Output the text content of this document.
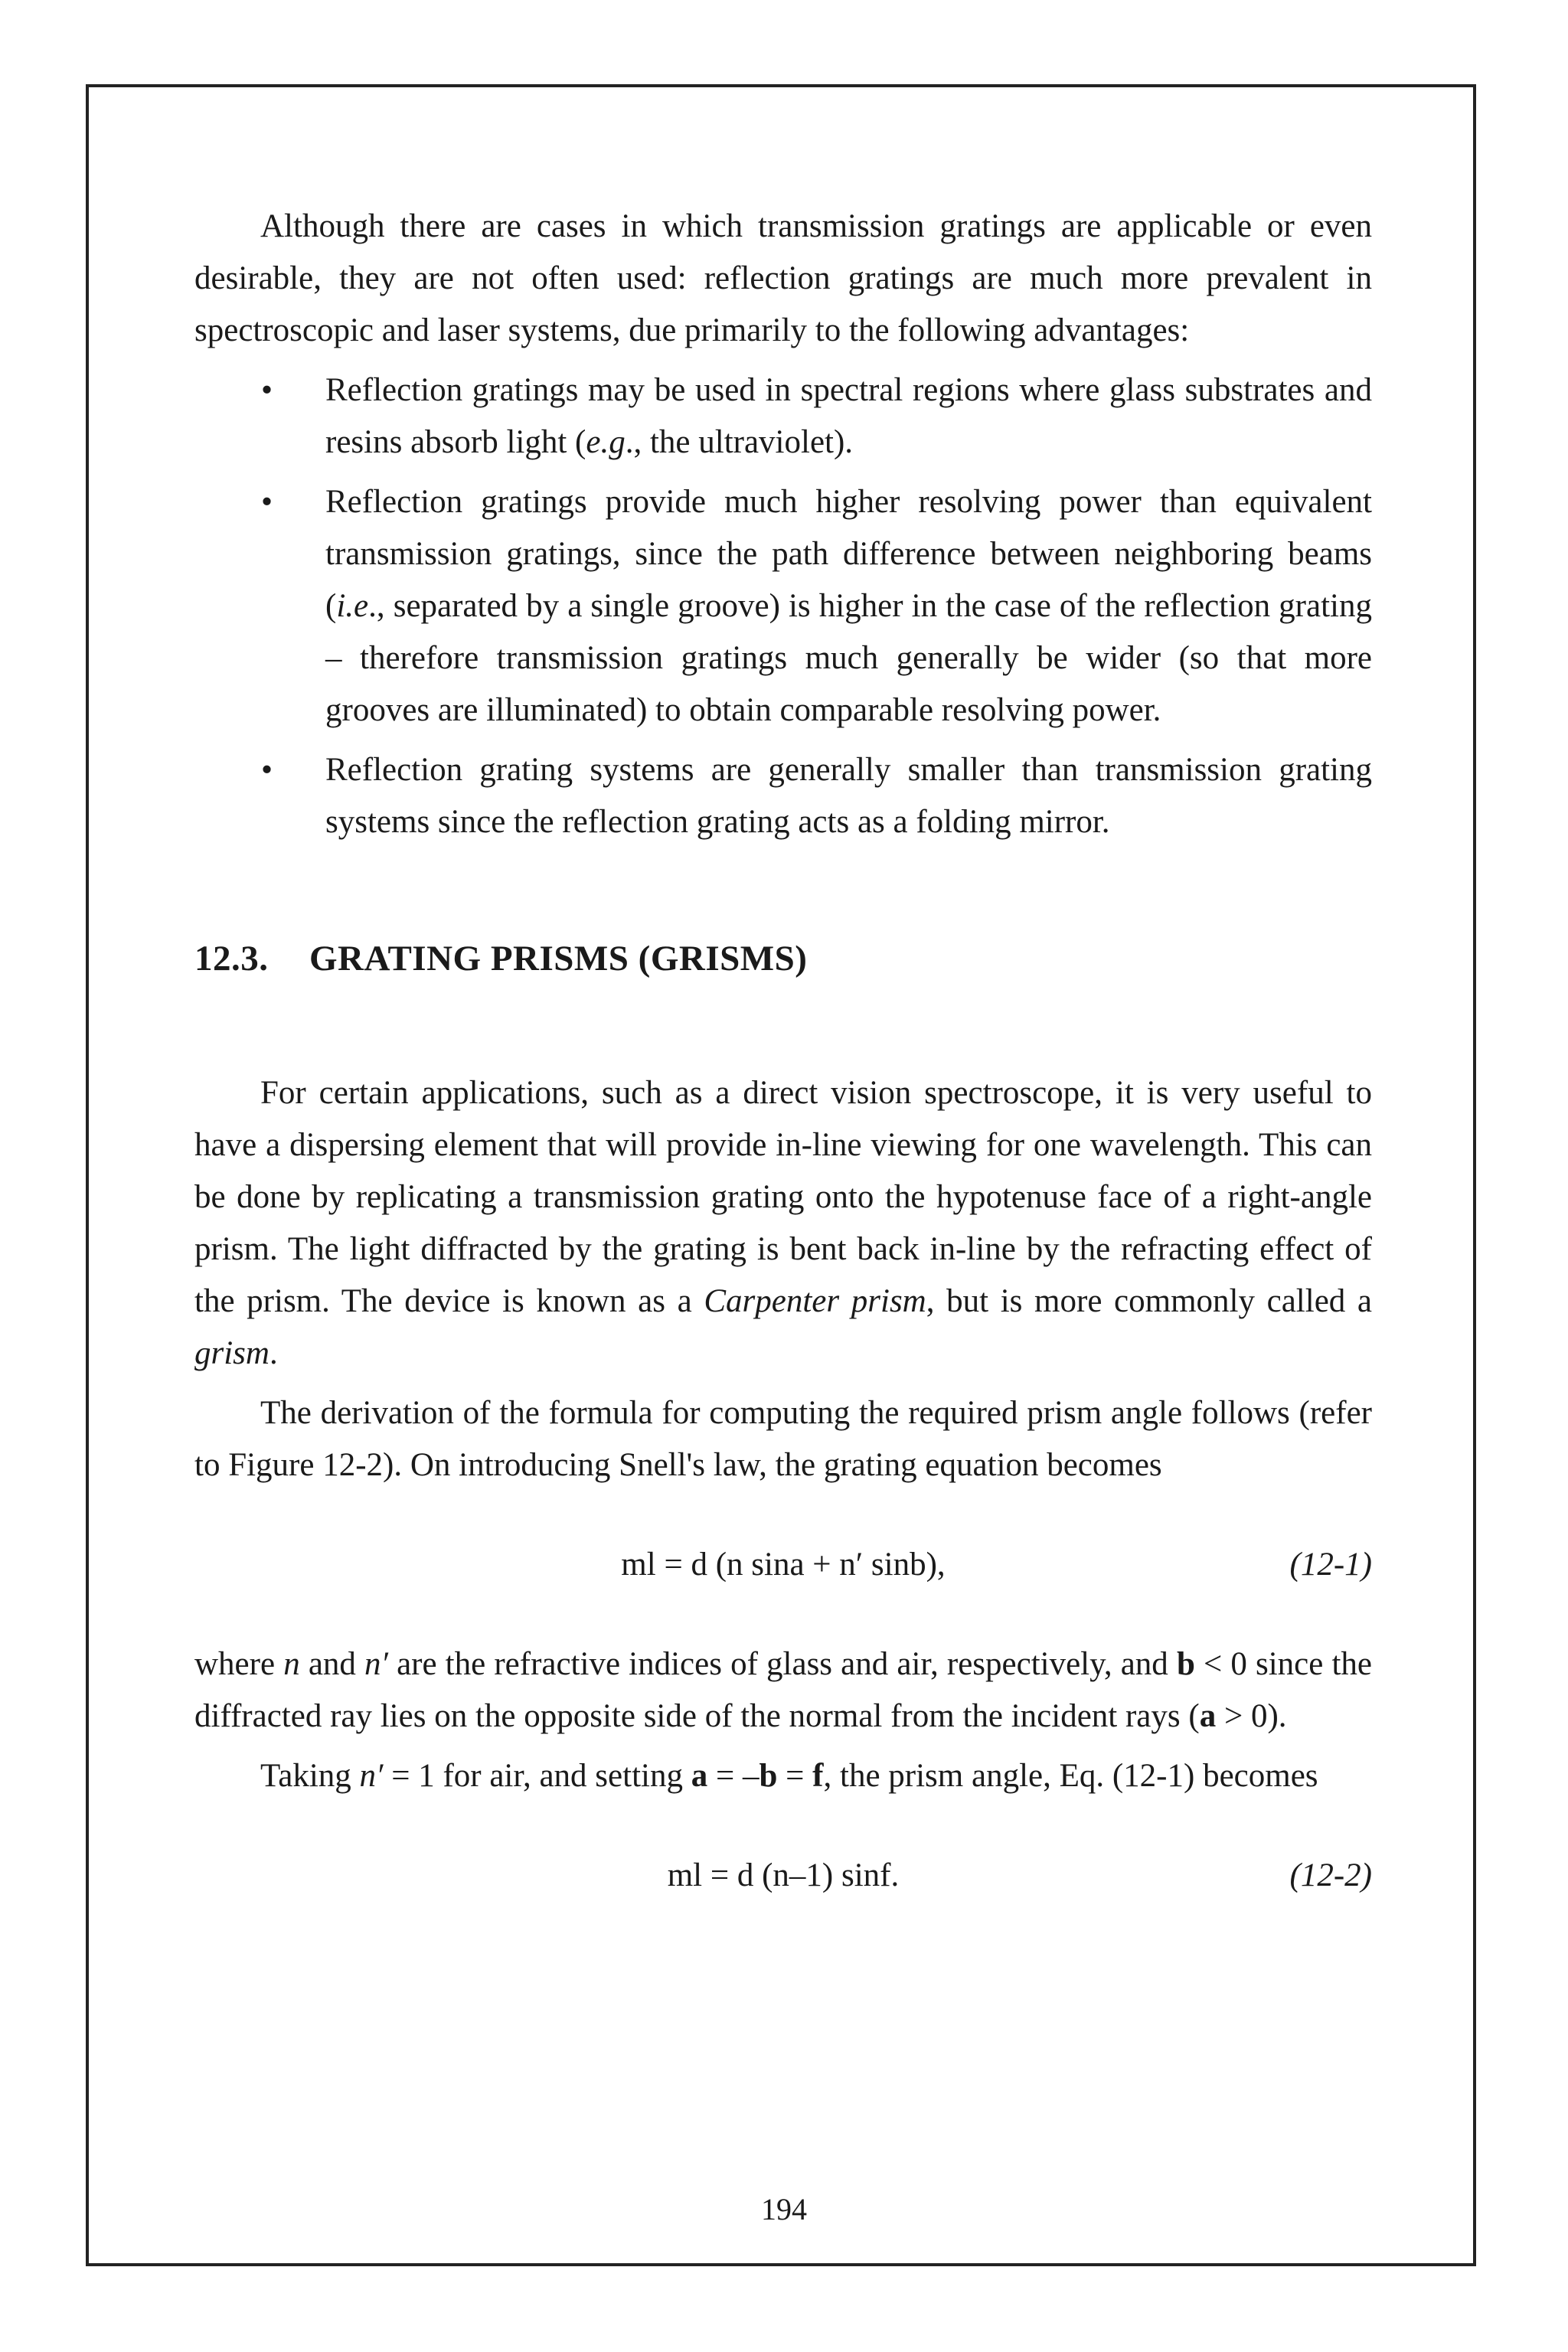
Although there are cases in which transmission gratings are applicable or even desirable, they are not often used: reflection gratings are much more prevalent in spectroscopic and laser systems, due primarily to the following advantages:

• Reflection gratings may be used in spectral regions where glass substrates and resins absorb light (e.g., the ultraviolet).
• Reflection gratings provide much higher resolving power than equivalent transmission gratings, since the path difference between neighboring beams (i.e., separated by a single groove) is higher in the case of the reflection grating – therefore transmission gratings much generally be wider (so that more grooves are illuminated) to obtain comparable resolving power.
• Reflection grating systems are generally smaller than transmission grating systems since the reflection grating acts as a folding mirror.
12.3. GRATING PRISMS (GRISMS)

For certain applications, such as a direct vision spectroscope, it is very useful to have a dispersing element that will provide in-line viewing for one wavelength. This can be done by replicating a transmission grating onto the hypotenuse face of a right-angle prism. The light diffracted by the grating is bent back in-line by the refracting effect of the prism. The device is known as a Carpenter prism, but is more commonly called a grism.

The derivation of the formula for computing the required prism angle follows (refer to Figure 12-2). On introducing Snell's law, the grating equation becomes

ml = d (n sina + n′ sinb),	(12-1)

where n and n′ are the refractive indices of glass and air, respectively, and b < 0 since the diffracted ray lies on the opposite side of the normal from the incident rays (a > 0).

Taking n′ = 1 for air, and setting a = –b = f, the prism angle, Eq. (12-1) becomes

ml = d (n–1) sinf.	(12-2)
194
